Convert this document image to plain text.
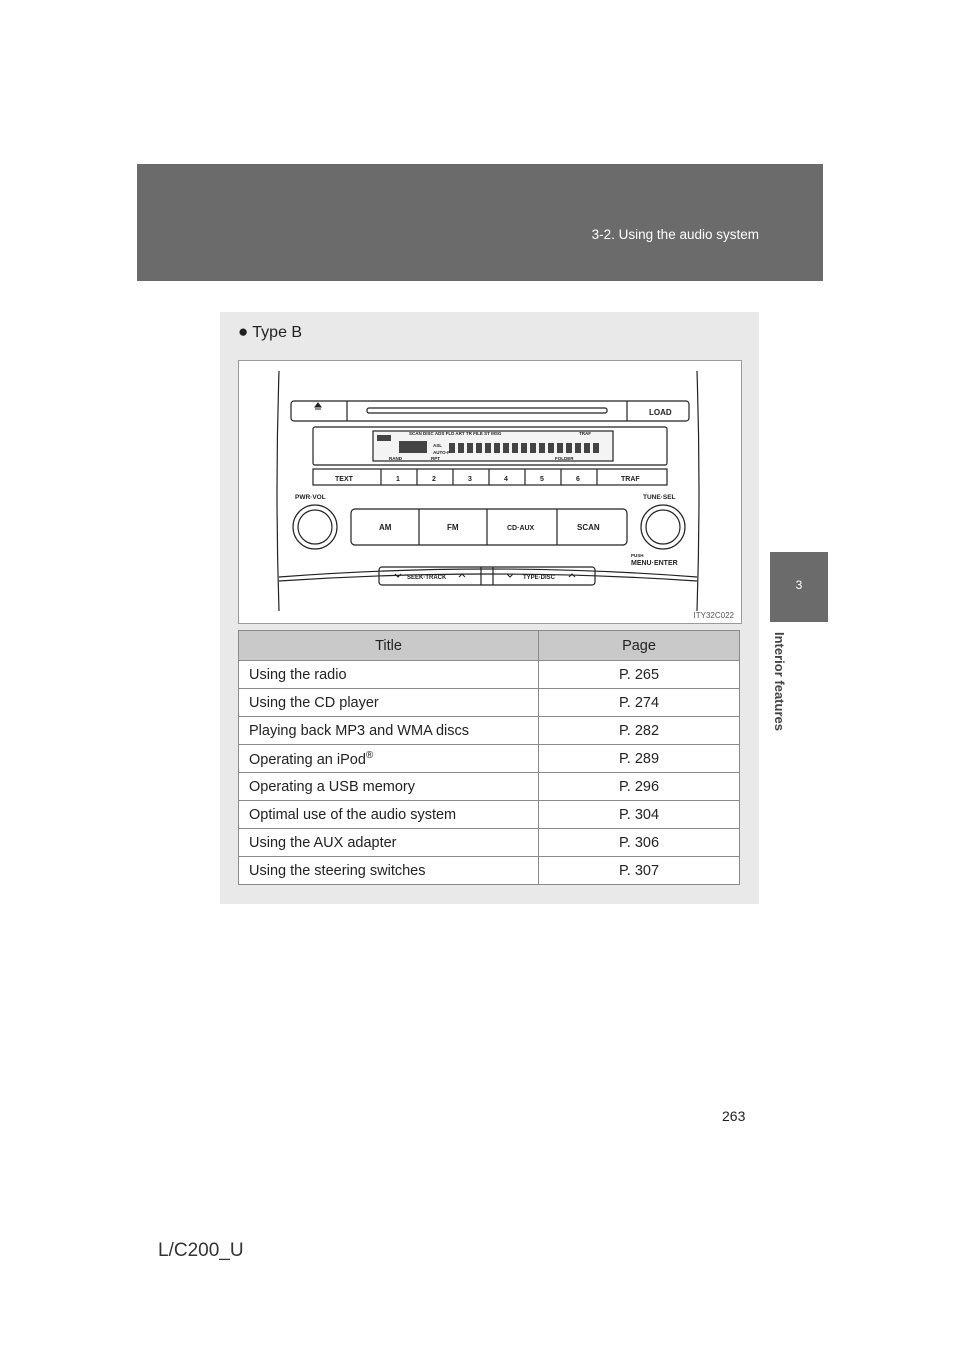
3-2. Using the audio system
3
Interior features
● Type B
LOAD
SCAN DISC ADS FLD ART TR FILE ST MSG	TRAF
ASL
AUTO-P
RAND	RPT	FOLDER
TEXT	1	2	3	4	5	6	TRAF
PWR·VOL	TUNE·SEL
AM	FM	CD·AUX	SCAN
PUSH
MENU·ENTER
SEEK·TRACK	TYPE·DISC
ITY32C022
Title	Page
Using the radio	P. 265
Using the CD player	P. 274
Playing back MP3 and WMA discs	P. 282
Operating an iPod®	P. 289
Operating a USB memory	P. 296
Optimal use of the audio system	P. 304
Using the AUX adapter	P. 306
Using the steering switches	P. 307
263
L/C200_U
